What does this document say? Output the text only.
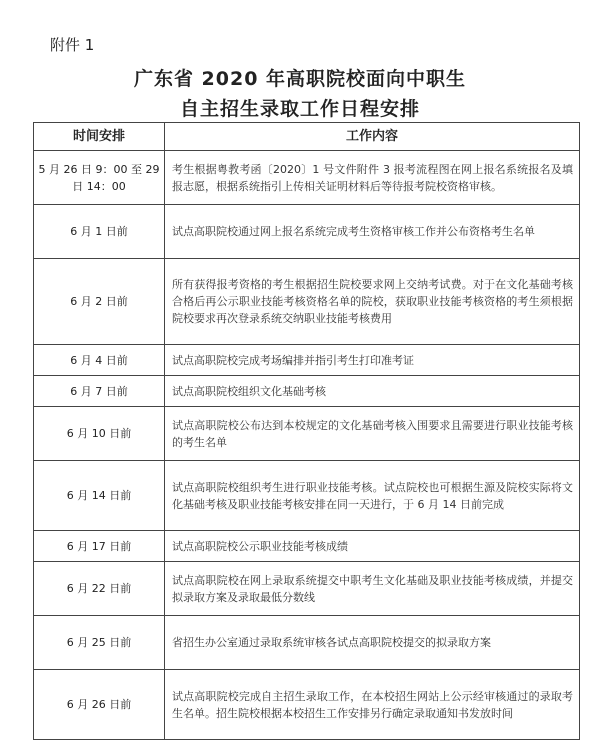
附件 1
广东省 2020 年高职院校面向中职生
自主招生录取工作日程安排
时间安排	工作内容
5 月 26 日 9：00 至 29 日 14：00	考生根据粤教考函〔2020〕1 号文件附件 3 报考流程图在网上报名系统报名及填报志愿，根据系统指引上传相关证明材料后等待报考院校资格审核。
6 月 1 日前	试点高职院校通过网上报名系统完成考生资格审核工作并公布资格考生名单
6 月 2 日前	所有获得报考资格的考生根据招生院校要求网上交纳考试费。对于在文化基础考核合格后再公示职业技能考核资格名单的院校，获取职业技能考核资格的考生须根据院校要求再次登录系统交纳职业技能考核费用
6 月 4 日前	试点高职院校完成考场编排并指引考生打印准考证
6 月 7 日前	试点高职院校组织文化基础考核
6 月 10 日前	试点高职院校公布达到本校规定的文化基础考核入围要求且需要进行职业技能考核的考生名单
6 月 14 日前	试点高职院校组织考生进行职业技能考核。试点院校也可根据生源及院校实际将文化基础考核及职业技能考核安排在同一天进行，于 6 月 14 日前完成
6 月 17 日前	试点高职院校公示职业技能考核成绩
6 月 22 日前	试点高职院校在网上录取系统提交中职考生文化基础及职业技能考核成绩，并提交拟录取方案及录取最低分数线
6 月 25 日前	省招生办公室通过录取系统审核各试点高职院校提交的拟录取方案
6 月 26 日前	试点高职院校完成自主招生录取工作，在本校招生网站上公示经审核通过的录取考生名单。招生院校根据本校招生工作安排另行确定录取通知书发放时间
